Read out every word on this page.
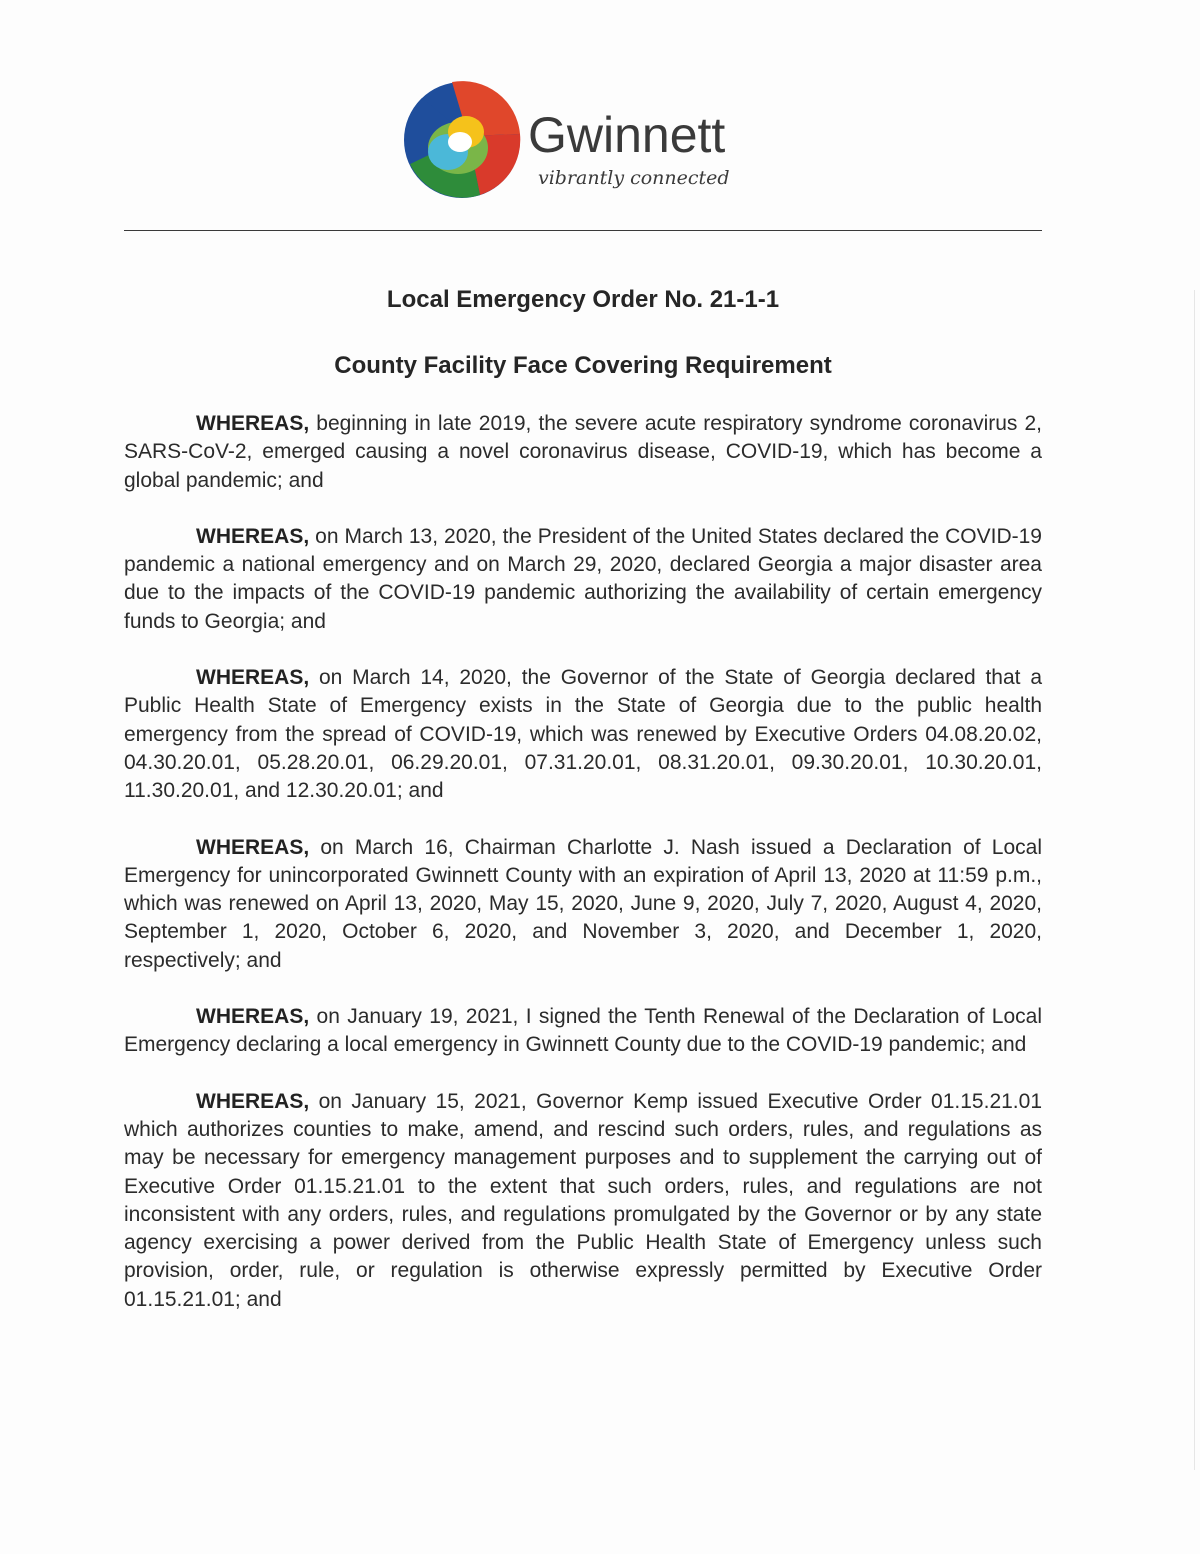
Gwinnett
vibrantly connected
Local Emergency Order No. 21-1-1
County Facility Face Covering Requirement

WHEREAS, beginning in late 2019, the severe acute respiratory syndrome coronavirus 2, SARS-CoV-2, emerged causing a novel coronavirus disease, COVID-19, which has become a global pandemic; and

WHEREAS, on March 13, 2020, the President of the United States declared the COVID-19 pandemic a national emergency and on March 29, 2020, declared Georgia a major disaster area due to the impacts of the COVID-19 pandemic authorizing the availability of certain emergency funds to Georgia; and

WHEREAS, on March 14, 2020, the Governor of the State of Georgia declared that a Public Health State of Emergency exists in the State of Georgia due to the public health emergency from the spread of COVID-19, which was renewed by Executive Orders 04.08.20.02, 04.30.20.01, 05.28.20.01, 06.29.20.01, 07.31.20.01, 08.31.20.01, 09.30.20.01, 10.30.20.01, 11.30.20.01, and 12.30.20.01; and

WHEREAS, on March 16, Chairman Charlotte J. Nash issued a Declaration of Local Emergency for unincorporated Gwinnett County with an expiration of April 13, 2020 at 11:59 p.m., which was renewed on April 13, 2020, May 15, 2020, June 9, 2020, July 7, 2020, August 4, 2020, September 1, 2020, October 6, 2020, and November 3, 2020, and December 1, 2020, respectively; and

WHEREAS, on January 19, 2021, I signed the Tenth Renewal of the Declaration of Local Emergency declaring a local emergency in Gwinnett County due to the COVID-19 pandemic; and

WHEREAS, on January 15, 2021, Governor Kemp issued Executive Order 01.15.21.01 which authorizes counties to make, amend, and rescind such orders, rules, and regulations as may be necessary for emergency management purposes and to supplement the carrying out of Executive Order 01.15.21.01 to the extent that such orders, rules, and regulations are not inconsistent with any orders, rules, and regulations promulgated by the Governor or by any state agency exercising a power derived from the Public Health State of Emergency unless such provision, order, rule, or regulation is otherwise expressly permitted by Executive Order 01.15.21.01; and
